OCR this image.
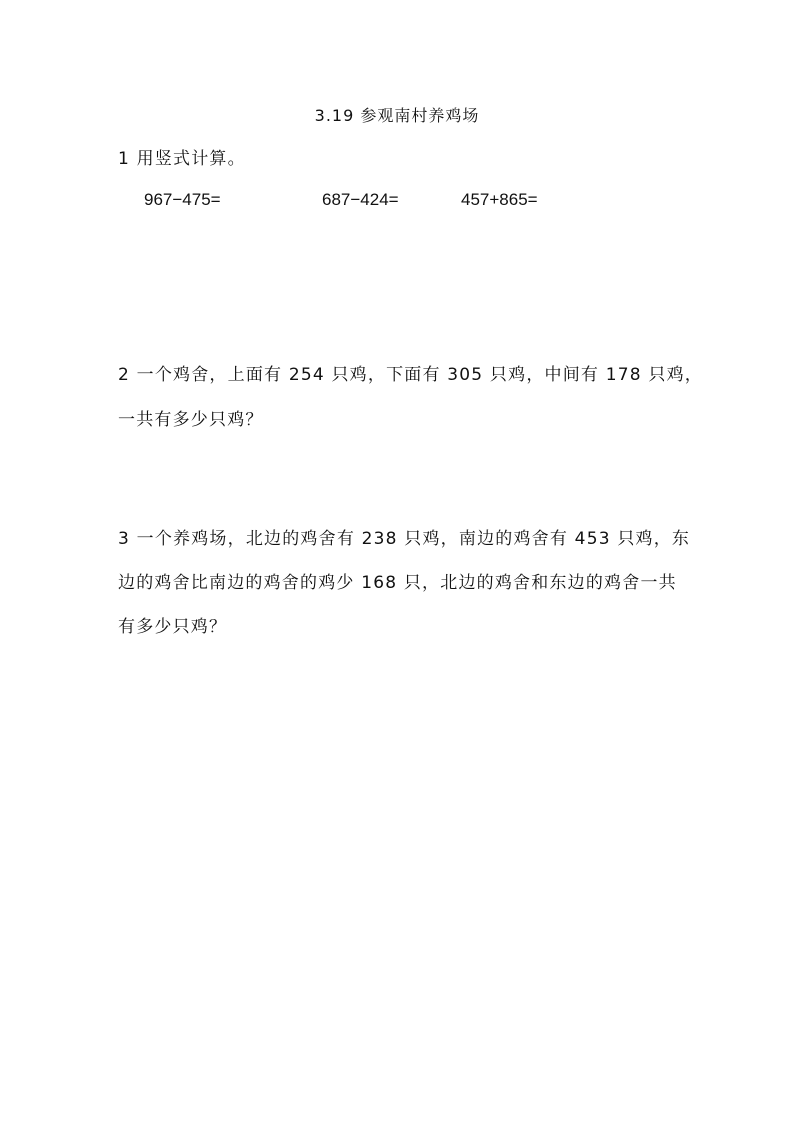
3.19 参观南村养鸡场

1 用竖式计算。

967−475=	687−424=	457+865=

2 一个鸡舍，上面有 254 只鸡，下面有 305 只鸡，中间有 178 只鸡，

一共有多少只鸡？

3 一个养鸡场，北边的鸡舍有 238 只鸡，南边的鸡舍有 453 只鸡，东

边的鸡舍比南边的鸡舍的鸡少 168 只，北边的鸡舍和东边的鸡舍一共

有多少只鸡？
